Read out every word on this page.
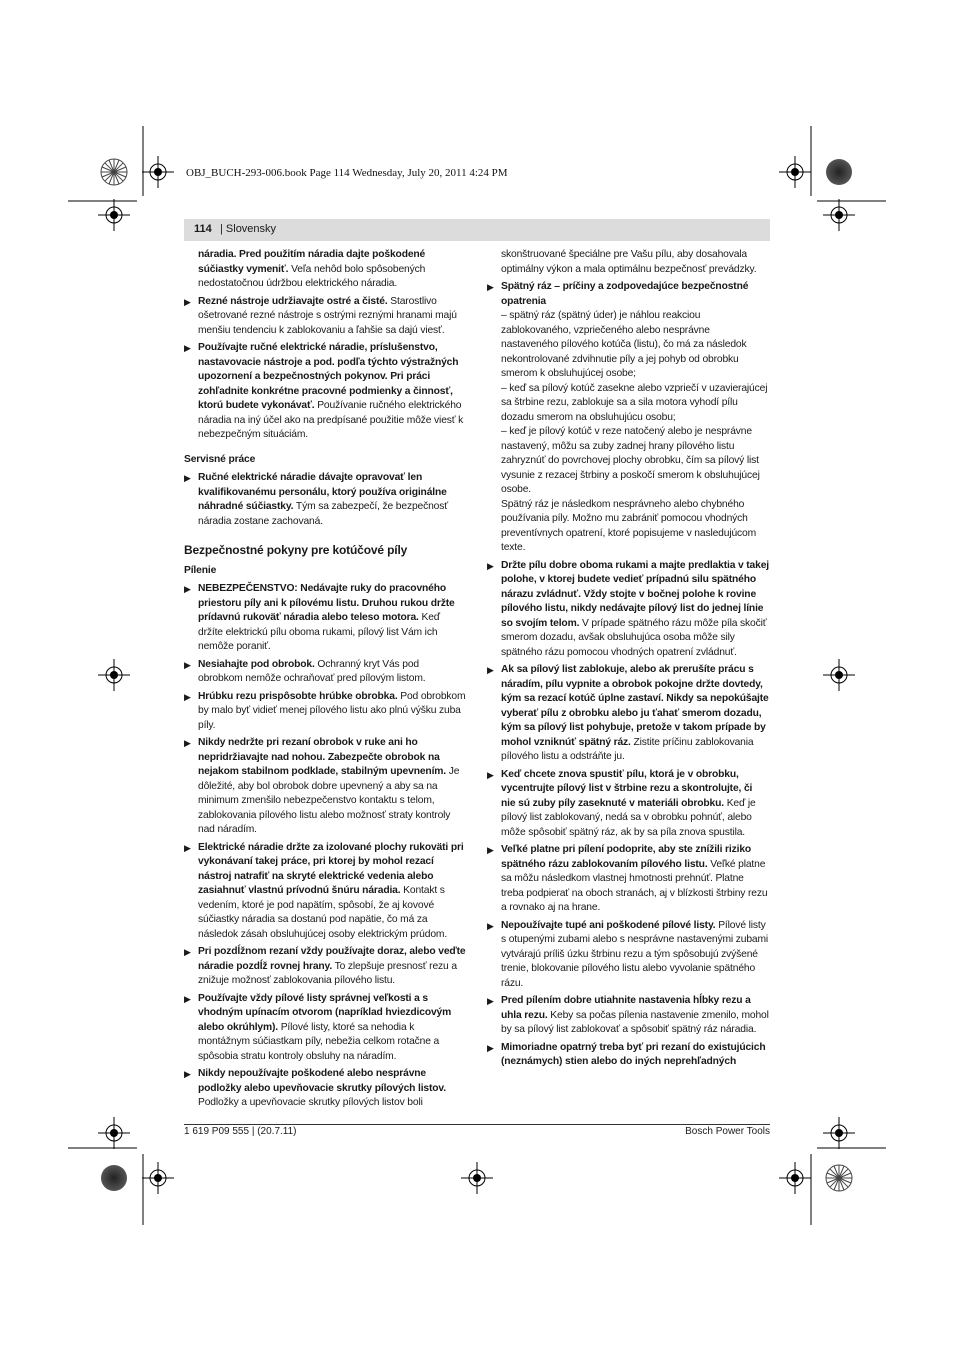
OBJ_BUCH-293-006.book Page 114 Wednesday, July 20, 2011 4:24 PM
114 | Slovensky
náradia. Pred použitím náradia dajte poškodené súčiastky vymeniť. Veľa nehôd bolo spôsobených nedostatočnou údržbou elektrického náradia.
▶ Rezné nástroje udržiavajte ostré a čisté. Starostlivo ošetrované rezné nástroje s ostrými reznými hranami majú menšiu tendenciu k zablokovaniu a ľahšie sa dajú viesť.
▶ Používajte ručné elektrické náradie, príslušenstvo, nastavovacie nástroje a pod. podľa týchto výstražných upozornení a bezpečnostných pokynov. Pri práci zohľadnite konkrétne pracovné podmienky a činnosť, ktorú budete vykonávať. Používanie ručného elektrického náradia na iný účel ako na predpísané použitie môže viesť k nebezpečným situáciám.
Servisné práce
▶ Ručné elektrické náradie dávajte opravovať len kvalifikovanému personálu, ktorý používa originálne náhradné súčiastky. Tým sa zabezpečí, že bezpečnosť náradia zostane zachovaná.
Bezpečnostné pokyny pre kotúčové píly
Pílenie
▶ NEBEZPEČENSTVO: Nedávajte ruky do pracovného priestoru píly ani k pílovému listu. Druhou rukou držte prídavnú rukoväť náradia alebo teleso motora. Keď držíte elektrickú pílu oboma rukami, pílový list Vám ich nemôže poraniť.
▶ Nesiahajte pod obrobok. Ochranný kryt Vás pod obrobkom nemôže ochraňovať pred pílovým listom.
▶ Hrúbku rezu prispôsobte hrúbke obrobka. Pod obrobkom by malo byť vidieť menej pílového listu ako plnú výšku zuba píly.
▶ Nikdy nedržte pri rezaní obrobok v ruke ani ho nepridržiavajte nad nohou. Zabezpečte obrobok na nejakom stabilnom podklade, stabilným upevnením. Je dôležité, aby bol obrobok dobre upevnený a aby sa na minimum zmenšilo nebezpečenstvo kontaktu s telom, zablokovania pílového listu alebo možnosť straty kontroly nad náradím.
▶ Elektrické náradie držte za izolované plochy rukoväti pri vykonávaní takej práce, pri ktorej by mohol rezací nástroj natrafiť na skryté elektrické vedenia alebo zasiahnuť vlastnú prívodnú šnúru náradia. Kontakt s vedením, ktoré je pod napätím, spôsobí, že aj kovové súčiastky náradia sa dostanú pod napätie, čo má za následok zásah obsluhujúcej osoby elektrickým prúdom.
▶ Pri pozdĺžnom rezaní vždy používajte doraz, alebo veďte náradie pozdĺž rovnej hrany. To zlepšuje presnosť rezu a znižuje možnosť zablokovania pílového listu.
▶ Používajte vždy pílové listy správnej veľkosti a s vhodným upínacím otvorom (napríklad hviezdicovým alebo okrúhlym). Pílové listy, ktoré sa nehodia k montážnym súčiastkam píly, nebežia celkom rotačne a spôsobia stratu kontroly obsluhy na náradím.
▶ Nikdy nepoužívajte poškodené alebo nesprávne podložky alebo upevňovacie skrutky pílových listov. Podložky a upevňovacie skrutky pílových listov boli
skonštruované špeciálne pre Vašu pílu, aby dosahovala optimálny výkon a mala optimálnu bezpečnosť prevádzky.
▶ Spätný ráz – príčiny a zodpovedajúce bezpečnostné opatrenia

– spätný ráz (spätný úder) je náhlou reakciou zablokovaného, vzpriečeného alebo nesprávne nastaveného pílového kotúča (listu), čo má za následok nekontrolované zdvihnutie píly a jej pohyb od obrobku smerom k obsluhujúcej osobe;

– keď sa pílový kotúč zasekne alebo vzpriečí v uzavierajúcej sa štrbine rezu, zablokuje sa a sila motora vyhodí pílu dozadu smerom na obsluhujúcu osobu;

– keď je pílový kotúč v reze natočený alebo je nesprávne nastavený, môžu sa zuby zadnej hrany pílového listu zahryznúť do povrchovej plochy obrobku, čím sa pílový list vysunie z rezacej štrbiny a poskočí smerom k obsluhujúcej osobe.

Spätný ráz je následkom nesprávneho alebo chybného používania píly. Možno mu zabrániť pomocou vhodných preventívnych opatrení, ktoré popisujeme v nasledujúcom texte.

▶ Držte pílu dobre oboma rukami a majte predlaktia v takej polohe, v ktorej budete vedieť prípadnú silu spätného nárazu zvládnuť. Vždy stojte v bočnej polohe k rovine pílového listu, nikdy nedávajte pílový list do jednej línie so svojím telom. V prípade spätného rázu môže píla skočiť smerom dozadu, avšak obsluhujúca osoba môže sily spätného rázu pomocou vhodných opatrení zvládnuť.
▶ Ak sa pílový list zablokuje, alebo ak prerušíte prácu s náradím, pílu vypnite a obrobok pokojne držte dovtedy, kým sa rezací kotúč úplne zastaví. Nikdy sa nepokúšajte vyberať pílu z obrobku alebo ju ťahať smerom dozadu, kým sa pílový list pohybuje, pretože v takom prípade by mohol vzniknúť spätný ráz. Zistite príčinu zablokovania pílového listu a odstráňte ju.
▶ Keď chcete znova spustiť pílu, ktorá je v obrobku, vycentrujte pílový list v štrbine rezu a skontrolujte, či nie sú zuby píly zaseknuté v materiáli obrobku. Keď je pílový list zablokovaný, nedá sa v obrobku pohnúť, alebo môže spôsobiť spätný ráz, ak by sa píla znova spustila.
▶ Veľké platne pri pílení podoprite, aby ste znížili riziko spätného rázu zablokovaním pílového listu. Veľké platne sa môžu následkom vlastnej hmotnosti prehnúť. Platne treba podpierať na oboch stranách, aj v blízkosti štrbiny rezu a rovnako aj na hrane.
▶ Nepoužívajte tupé ani poškodené pílové listy. Pílové listy s otupenými zubami alebo s nesprávne nastavenými zubami vytvárajú príliš úzku štrbinu rezu a tým spôsobujú zvýšené trenie, blokovanie pílového listu alebo vyvolanie spätného rázu.
▶ Pred pílením dobre utiahnite nastavenia hĺbky rezu a uhla rezu. Keby sa počas pílenia nastavenie zmenilo, mohol by sa pílový list zablokovať a spôsobiť spätný ráz náradia.
▶ Mimoriadne opatrný treba byť pri rezaní do existujúcich (neznámych) stien alebo do iných neprehľadných
1 619 P09 555 | (20.7.11)	Bosch Power Tools
